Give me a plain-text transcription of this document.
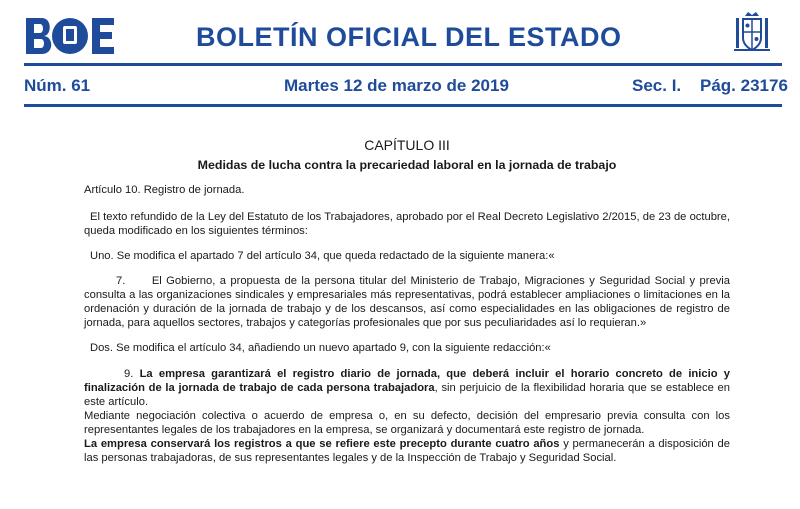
BOLETÍN OFICIAL DEL ESTADO
Núm. 61	Martes 12 de marzo de 2019	Sec. I. Pág. 23176

CAPÍTULO III

Medidas de lucha contra la precariedad laboral en la jornada de trabajo

Artículo 10. Registro de jornada.

El texto refundido de la Ley del Estatuto de los Trabajadores, aprobado por el Real Decreto Legislativo 2/2015, de 23 de octubre, queda modificado en los siguientes términos:

Uno. Se modifica el apartado 7 del artículo 34, que queda redactado de la siguiente manera:«

7.      El Gobierno, a propuesta de la persona titular del Ministerio de Trabajo, Migraciones y Seguridad Social y previa consulta a las organizaciones sindicales y empresariales más representativas, podrá establecer ampliaciones o limitaciones en la ordenación y duración de la jornada de trabajo y de los descansos, así como especialidades en las obligaciones de registro de jornada, para aquellos sectores, trabajos y categorías profesionales que por sus peculiaridades así lo requieran.»

Dos. Se modifica el artículo 34, añadiendo un nuevo apartado 9, con la siguiente redacción:«

9. La empresa garantizará el registro diario de jornada, que deberá incluir el horario concreto de inicio y finalización de la jornada de trabajo de cada persona trabajadora, sin perjuicio de la flexibilidad horaria que se establece en este artículo.

Mediante negociación colectiva o acuerdo de empresa o, en su defecto, decisión del empresario previa consulta con los representantes legales de los trabajadores en la empresa, se organizará y documentará este registro de jornada.

La empresa conservará los registros a que se refiere este precepto durante cuatro años y permanecerán a disposición de las personas trabajadoras, de sus representantes legales y de la Inspección de Trabajo y Seguridad Social.
